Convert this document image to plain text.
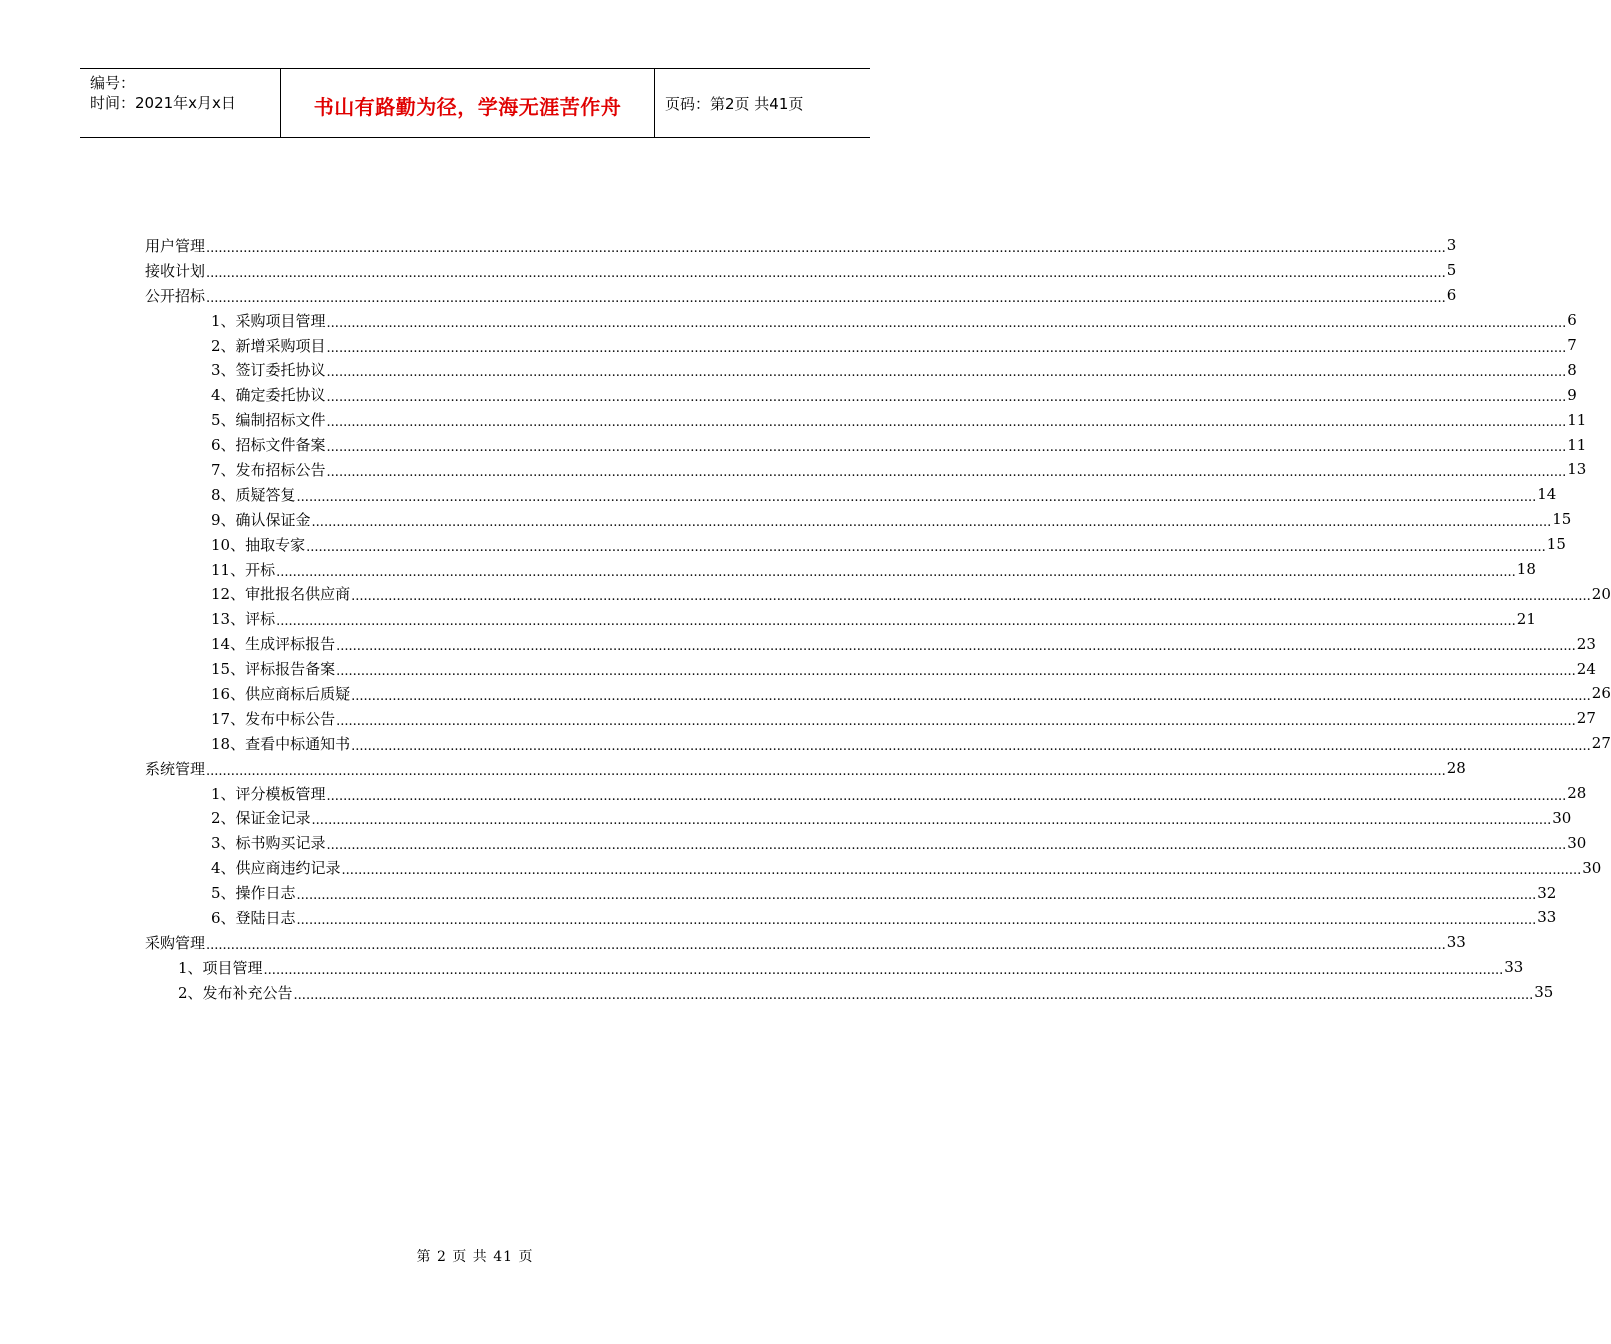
编号：
时间：2021年x月x日	书山有路勤为径，学海无涯苦作舟	页码：第2页 共41页
用户管理 ............................................................................................................................................................................................................................................................................................................ 3
接收计划 ............................................................................................................................................................................................................................................................................................................ 5
公开招标 ............................................................................................................................................................................................................................................................................................................ 6
1、采购项目管理 ............................................................................................................................................................................................................................................................................................................ 6
2、新增采购项目 ............................................................................................................................................................................................................................................................................................................ 7
3、签订委托协议 ............................................................................................................................................................................................................................................................................................................ 8
4、确定委托协议 ............................................................................................................................................................................................................................................................................................................ 9
5、编制招标文件 ............................................................................................................................................................................................................................................................................................................ 11
6、招标文件备案 ............................................................................................................................................................................................................................................................................................................ 11
7、发布招标公告 ............................................................................................................................................................................................................................................................................................................ 13
8、质疑答复 ............................................................................................................................................................................................................................................................................................................ 14
9、确认保证金 ............................................................................................................................................................................................................................................................................................................ 15
10、抽取专家 ............................................................................................................................................................................................................................................................................................................ 15
11、开标 ............................................................................................................................................................................................................................................................................................................ 18
12、审批报名供应商 ............................................................................................................................................................................................................................................................................................................ 20
13、评标 ............................................................................................................................................................................................................................................................................................................ 21
14、生成评标报告 ............................................................................................................................................................................................................................................................................................................ 23
15、评标报告备案 ............................................................................................................................................................................................................................................................................................................ 24
16、供应商标后质疑 ............................................................................................................................................................................................................................................................................................................ 26
17、发布中标公告 ............................................................................................................................................................................................................................................................................................................ 27
18、查看中标通知书 ............................................................................................................................................................................................................................................................................................................ 27
系统管理 ............................................................................................................................................................................................................................................................................................................ 28
1、评分模板管理 ............................................................................................................................................................................................................................................................................................................ 28
2、保证金记录 ............................................................................................................................................................................................................................................................................................................ 30
3、标书购买记录 ............................................................................................................................................................................................................................................................................................................ 30
4、供应商违约记录 ............................................................................................................................................................................................................................................................................................................ 30
5、操作日志 ............................................................................................................................................................................................................................................................................................................ 32
6、登陆日志 ............................................................................................................................................................................................................................................................................................................ 33
采购管理 ............................................................................................................................................................................................................................................................................................................ 33
1、项目管理 ............................................................................................................................................................................................................................................................................................................ 33
2、发布补充公告 ............................................................................................................................................................................................................................................................................................................ 35
第 2 页 共 41 页
